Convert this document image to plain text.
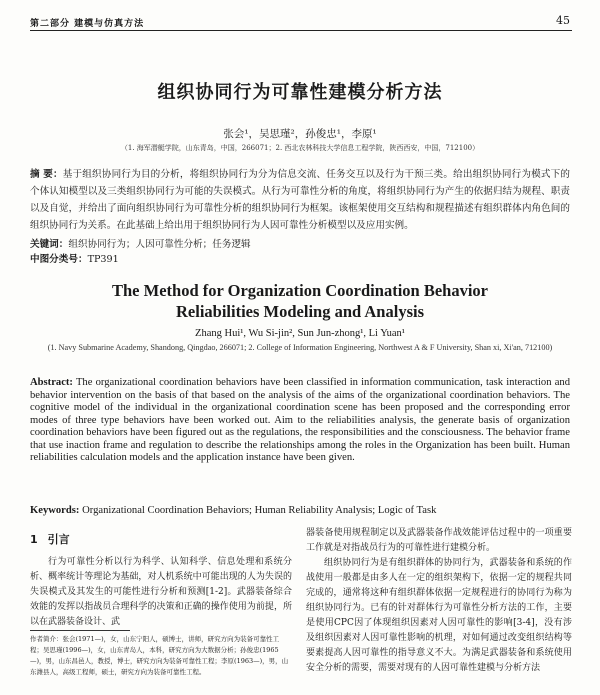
第二部分 建模与仿真方法	45
组织协同行为可靠性建模分析方法
张会¹，吴思瑾²，孙俊忠¹，李原¹
（1. 海军潜艇学院，山东青岛，中国，266071；2. 西北农林科技大学信息工程学院，陕西西安，中国，712100）
摘 要：基于组织协同行为目的分析，将组织协同行为分为信息交流、任务交互以及行为干预三类。给出组织协同行为模式下的个体认知模型以及三类组织协同行为可能的失误模式。从行为可靠性分析的角度，将组织协同行为产生的依据归结为规程、职责以及自觉，并给出了面向组织协同行为可靠性分析的组织协同行为框架。该框架使用交互结构和规程描述有组织群体内角色间的组织协同行为关系。在此基础上给出用于组织协同行为人因可靠性分析模型以及应用实例。
关键词：组织协同行为；人因可靠性分析；任务逻辑
中图分类号：TP391
The Method for Organization Coordination Behavior
Reliabilities Modeling and Analysis
Zhang Hui¹, Wu Si-jin², Sun Jun-zhong¹, Li Yuan¹
(1. Navy Submarine Academy, Shandong, Qingdao, 266071; 2. College of Information Engineering, Northwest A & F University, Shan xi, Xi'an, 712100)
Abstract: The organizational coordination behaviors have been classified in information communication, task interaction and behavior intervention on the basis of that based on the analysis of the aims of the organizational coordination behaviors. The cognitive model of the individual in the organizational coordination scene has been proposed and the corresponding error modes of three type behaviors have been worked out. Aim to the reliabilities analysis, the generate basis of organization coordination behaviors have been figured out as the regulations, the responsibilities and the consciousness. The behavior frame that use inaction frame and regulation to describe the relationships among the roles in the Organization has been built. Human reliabilities calculation models and the application instance have been given.
Keywords: Organizational Coordination Behaviors; Human Reliability Analysis; Logic of Task
1 引言

行为可靠性分析以行为科学、认知科学、信息处理和系统分析、概率统计等理论为基础，对人机系统中可能出现的人为失误的失误模式及其发生的可能性进行分析和预测[1-2]。武器装备综合效能的发挥以指战员合理科学的决策和正确的操作使用为前提，所以在武器装备设计、武

作者简介：张会(1971—)，女，山东宁阳人，硕博士，讲师，研究方向为装备可靠性工程；吴思瑾(1996—)，女，山东青岛人，本科，研究方向为大数据分析；孙俊忠(1965—)，男，山东昌邑人，教授，博士，研究方向为装备可靠性工程；李原(1963—)，男，山东潍县人，高级工程师，硕士，研究方向为装备可靠性工程。

器装备使用规程制定以及武器装备作战效能评估过程中的一项重要工作就是对指战员行为的可靠性进行建模分析。

组织协同行为是有组织群体的协同行为，武器装备和系统的作战使用一般都是由多人在一定的组织架构下，依据一定的规程共同完成的，通常将这种有组织群体依据一定规程进行的协同行为称为组织协同行为。已有的针对群体行为可靠性分析方法的工作，主要是使用CPC因了体现组织因素对人因可靠性的影响[3-4]，没有涉及组织因素对人因可靠性影响的机理，对如何通过改变组织结构等要素提高人因可靠性的指导意义不大。为满足武器装备和系统使用安全分析的需要，需要对现有的人因可靠性建模与分析方法
